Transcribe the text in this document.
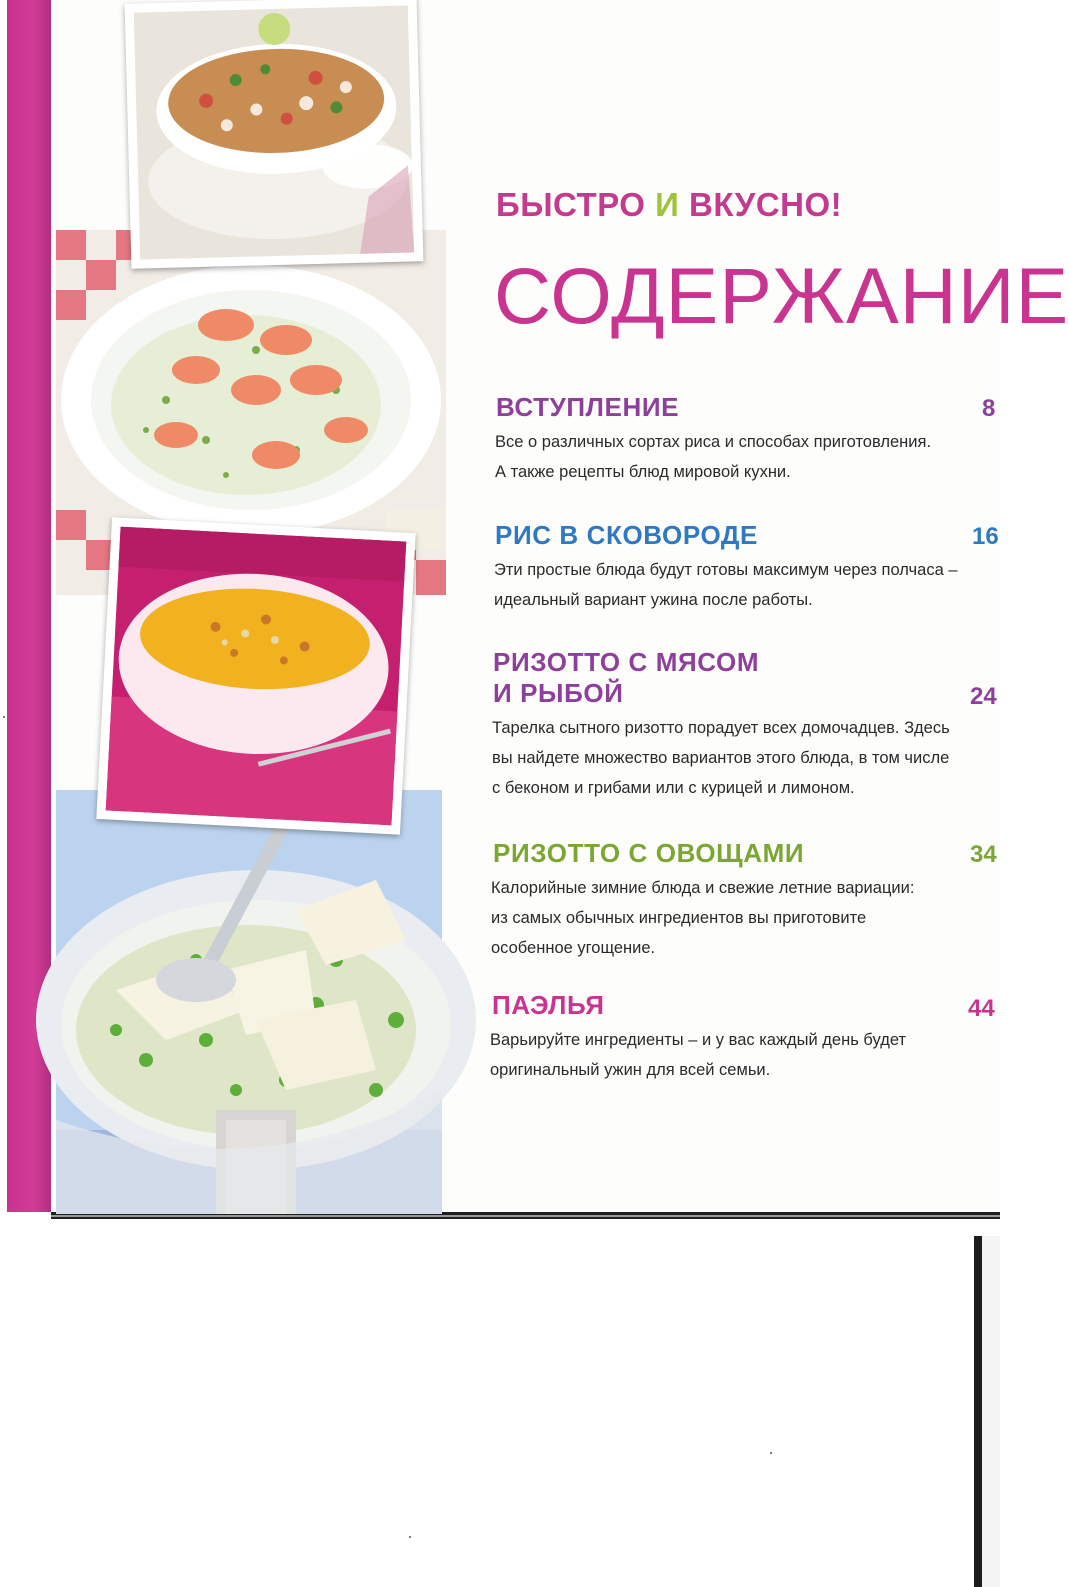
БЫСТРО И ВКУСНО!
СОДЕРЖАНИЕ

ВСТУПЛЕНИЕ

Все о различных сортах риса и способах приготовления.
А также рецепты блюд мировой кухни.

8

РИС В СКОВОРОДЕ

Эти простые блюда будут готовы максимум через полчаса –
идеальный вариант ужина после работы.

16

РИЗОТТО С МЯСОМ
И РЫБОЙ

Тарелка сытного ризотто порадует всех домочадцев. Здесь
вы найдете множество вариантов этого блюда, в том числе
с беконом и грибами или с курицей и лимоном.

24

РИЗОТТО С ОВОЩАМИ

Калорийные зимние блюда и свежие летние вариации:
из самых обычных ингредиентов вы приготовите
особенное угощение.

34

ПАЭЛЬЯ

Варьируйте ингредиенты – и у вас каждый день будет
оригинальный ужин для всей семьи.

44
